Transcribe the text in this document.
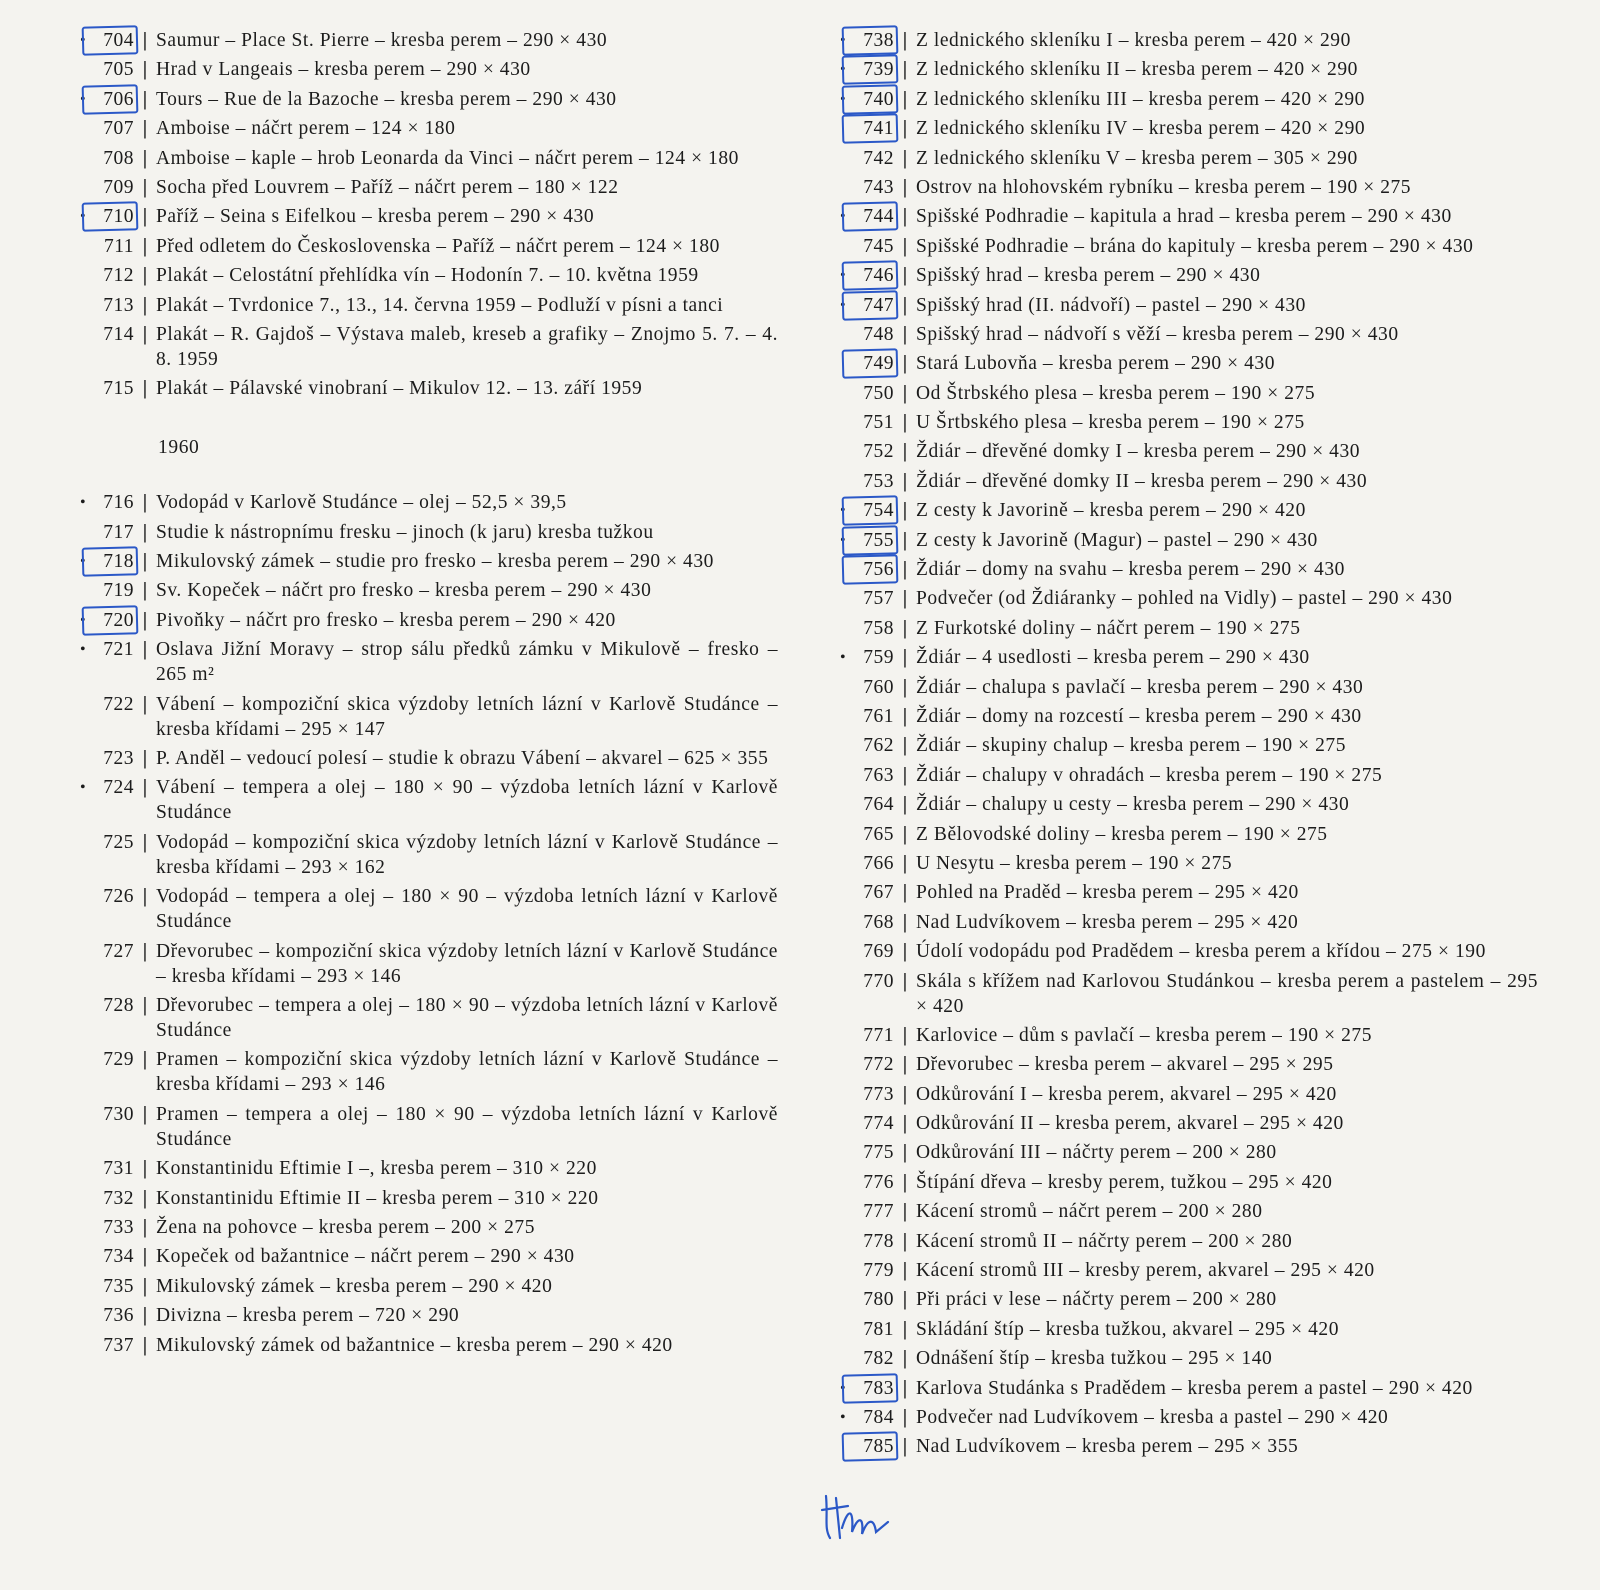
• 704 | Saumur – Place St. Pierre – kresba perem – 290 × 430
705 | Hrad v Langeais – kresba perem – 290 × 430
• 706 | Tours – Rue de la Bazoche – kresba perem – 290 × 430
707 | Amboise – náčrt perem – 124 × 180
708 | Amboise – kaple – hrob Leonarda da Vinci – náčrt perem – 124 × 180
709 | Socha před Louvrem – Paříž – náčrt perem – 180 × 122
• 710 | Paříž – Seina s Eifelkou – kresba perem – 290 × 430
711 | Před odletem do Československa – Paříž – náčrt perem – 124 × 180
712 | Plakát – Celostátní přehlídka vín – Hodonín 7. – 10. května 1959
713 | Plakát – Tvrdonice 7., 13., 14. června 1959 – Podluží v písni a tanci
714 | Plakát – R. Gajdoš – Výstava maleb, kreseb a grafiky – Znojmo 5. 7. – 4. 8. 1959
715 | Plakát – Pálavské vinobraní – Mikulov 12. – 13. září 1959
1960
• 716 | Vodopád v Karlově Studánce – olej – 52,5 × 39,5
717 | Studie k nástropnímu fresku – jinoch (k jaru) kresba tužkou
• 718 | Mikulovský zámek – studie pro fresko – kresba perem – 290 × 430
719 | Sv. Kopeček – náčrt pro fresko – kresba perem – 290 × 430
• 720 | Pivoňky – náčrt pro fresko – kresba perem – 290 × 420
• 721 | Oslava Jižní Moravy – strop sálu předků zámku v Mikulově – fresko – 265 m²
722 | Vábení – kompoziční skica výzdoby letních lázní v Karlově Studánce – kresba křídami – 295 × 147
723 | P. Anděl – vedoucí polesí – studie k obrazu Vábení – akvarel – 625 × 355
• 724 | Vábení – tempera a olej – 180 × 90 – výzdoba letních lázní v Karlově Studánce
725 | Vodopád – kompoziční skica výzdoby letních lázní v Karlově Studánce – kresba křídami – 293 × 162
726 | Vodopád – tempera a olej – 180 × 90 – výzdoba letních lázní v Karlově Studánce
727 | Dřevorubec – kompoziční skica výzdoby letních lázní v Karlově Studánce – kresba křídami – 293 × 146
728 | Dřevorubec – tempera a olej – 180 × 90 – výzdoba letních lázní v Karlově Studánce
729 | Pramen – kompoziční skica výzdoby letních lázní v Karlově Studánce – kresba křídami – 293 × 146
730 | Pramen – tempera a olej – 180 × 90 – výzdoba letních lázní v Karlově Studánce
731 | Konstantinidu Eftimie I –, kresba perem – 310 × 220
732 | Konstantinidu Eftimie II – kresba perem – 310 × 220
733 | Žena na pohovce – kresba perem – 200 × 275
734 | Kopeček od bažantnice – náčrt perem – 290 × 430
735 | Mikulovský zámek – kresba perem – 290 × 420
736 | Divizna – kresba perem – 720 × 290
737 | Mikulovský zámek od bažantnice – kresba perem – 290 × 420
• 738 | Z lednického skleníku I – kresba perem – 420 × 290
• 739 | Z lednického skleníku II – kresba perem – 420 × 290
• 740 | Z lednického skleníku III – kresba perem – 420 × 290
741 | Z lednického skleníku IV – kresba perem – 420 × 290
742 | Z lednického skleníku V – kresba perem – 305 × 290
743 | Ostrov na hlohovském rybníku – kresba perem – 190 × 275
• 744 | Spišské Podhradie – kapitula a hrad – kresba perem – 290 × 430
745 | Spišské Podhradie – brána do kapituly – kresba perem – 290 × 430
• 746 | Spišský hrad – kresba perem – 290 × 430
• 747 | Spišský hrad (II. nádvoří) – pastel – 290 × 430
748 | Spišský hrad – nádvoří s věží – kresba perem – 290 × 430
749 | Stará Lubovňa – kresba perem – 290 × 430
750 | Od Štrbského plesa – kresba perem – 190 × 275
751 | U Šrtbského plesa – kresba perem – 190 × 275
752 | Ždiár – dřevěné domky I – kresba perem – 290 × 430
753 | Ždiár – dřevěné domky II – kresba perem – 290 × 430
• 754 | Z cesty k Javorině – kresba perem – 290 × 420
• 755 | Z cesty k Javorině (Magur) – pastel – 290 × 430
756 | Ždiár – domy na svahu – kresba perem – 290 × 430
757 | Podvečer (od Ždiáranky – pohled na Vidly) – pastel – 290 × 430
758 | Z Furkotské doliny – náčrt perem – 190 × 275
• 759 | Ždiár – 4 usedlosti – kresba perem – 290 × 430
760 | Ždiár – chalupa s pavlačí – kresba perem – 290 × 430
761 | Ždiár – domy na rozcestí – kresba perem – 290 × 430
762 | Ždiár – skupiny chalup – kresba perem – 190 × 275
763 | Ždiár – chalupy v ohradách – kresba perem – 190 × 275
764 | Ždiár – chalupy u cesty – kresba perem – 290 × 430
765 | Z Bělovodské doliny – kresba perem – 190 × 275
766 | U Nesytu – kresba perem – 190 × 275
767 | Pohled na Praděd – kresba perem – 295 × 420
768 | Nad Ludvíkovem – kresba perem – 295 × 420
769 | Údolí vodopádu pod Pradědem – kresba perem a křídou – 275 × 190
770 | Skála s křížem nad Karlovou Studánkou – kresba perem a pastelem – 295 × 420
771 | Karlovice – dům s pavlačí – kresba perem – 190 × 275
772 | Dřevorubec – kresba perem – akvarel – 295 × 295
773 | Odkůrování I – kresba perem, akvarel – 295 × 420
774 | Odkůrování II – kresba perem, akvarel – 295 × 420
775 | Odkůrování III – náčrty perem – 200 × 280
776 | Štípání dřeva – kresby perem, tužkou – 295 × 420
777 | Kácení stromů – náčrt perem – 200 × 280
778 | Kácení stromů II – náčrty perem – 200 × 280
779 | Kácení stromů III – kresby perem, akvarel – 295 × 420
780 | Při práci v lese – náčrty perem – 200 × 280
781 | Skládání štíp – kresba tužkou, akvarel – 295 × 420
782 | Odnášení štíp – kresba tužkou – 295 × 140
• 783 | Karlova Studánka s Pradědem – kresba perem a pastel – 290 × 420
• 784 | Podvečer nad Ludvíkovem – kresba a pastel – 290 × 420
785 | Nad Ludvíkovem – kresba perem – 295 × 355
